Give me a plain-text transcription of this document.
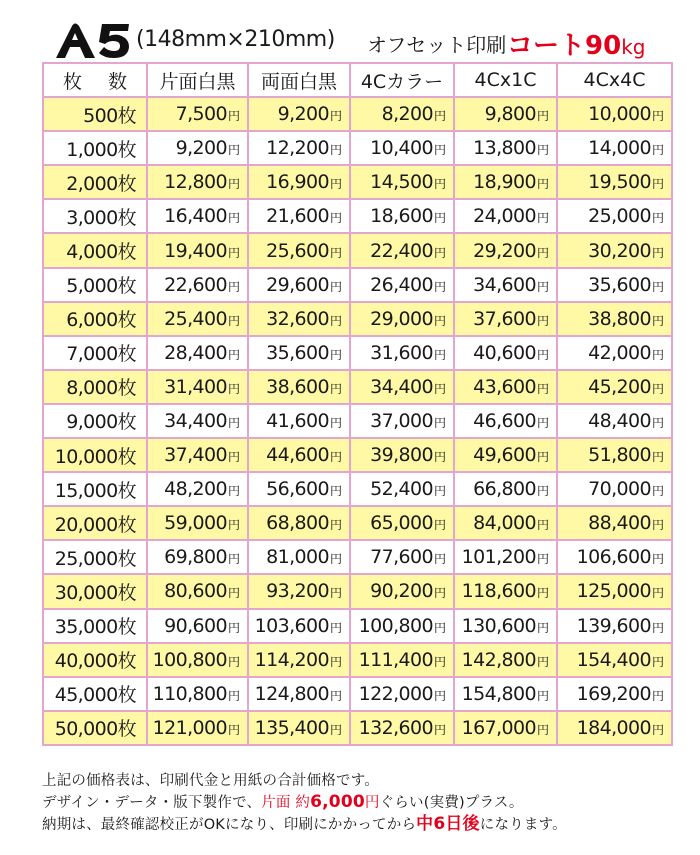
(148mm×210mm) オフセット印刷 コート90kg
枚 数	片面白黒	両面白黒	4Cカラー	4Cx1C	4Cx4C
500枚	7,500円	9,200円	8,200円	9,800円	10,000円
1,000枚	9,200円	12,200円	10,400円	13,800円	14,000円
2,000枚	12,800円	16,900円	14,500円	18,900円	19,500円
3,000枚	16,400円	21,600円	18,600円	24,000円	25,000円
4,000枚	19,400円	25,600円	22,400円	29,200円	30,200円
5,000枚	22,600円	29,600円	26,400円	34,600円	35,600円
6,000枚	25,400円	32,600円	29,000円	37,600円	38,800円
7,000枚	28,400円	35,600円	31,600円	40,600円	42,000円
8,000枚	31,400円	38,600円	34,400円	43,600円	45,200円
9,000枚	34,400円	41,600円	37,000円	46,600円	48,400円
10,000枚	37,400円	44,600円	39,800円	49,600円	51,800円
15,000枚	48,200円	56,600円	52,400円	66,800円	70,000円
20,000枚	59,000円	68,800円	65,000円	84,000円	88,400円
25,000枚	69,800円	81,000円	77,600円	101,200円	106,600円
30,000枚	80,600円	93,200円	90,200円	118,600円	125,000円
35,000枚	90,600円	103,600円	100,800円	130,600円	139,600円
40,000枚	100,800円	114,200円	111,400円	142,800円	154,400円
45,000枚	110,800円	124,800円	122,000円	154,800円	169,200円
50,000枚	121,000円	135,400円	132,600円	167,000円	184,000円
上記の価格表は、印刷代金と用紙の合計価格です。
デザイン・データ・版下製作で、片面 約6,000円ぐらい(実費)プラス。
納期は、最終確認校正がOKになり、印刷にかかってから中6日後になります。
